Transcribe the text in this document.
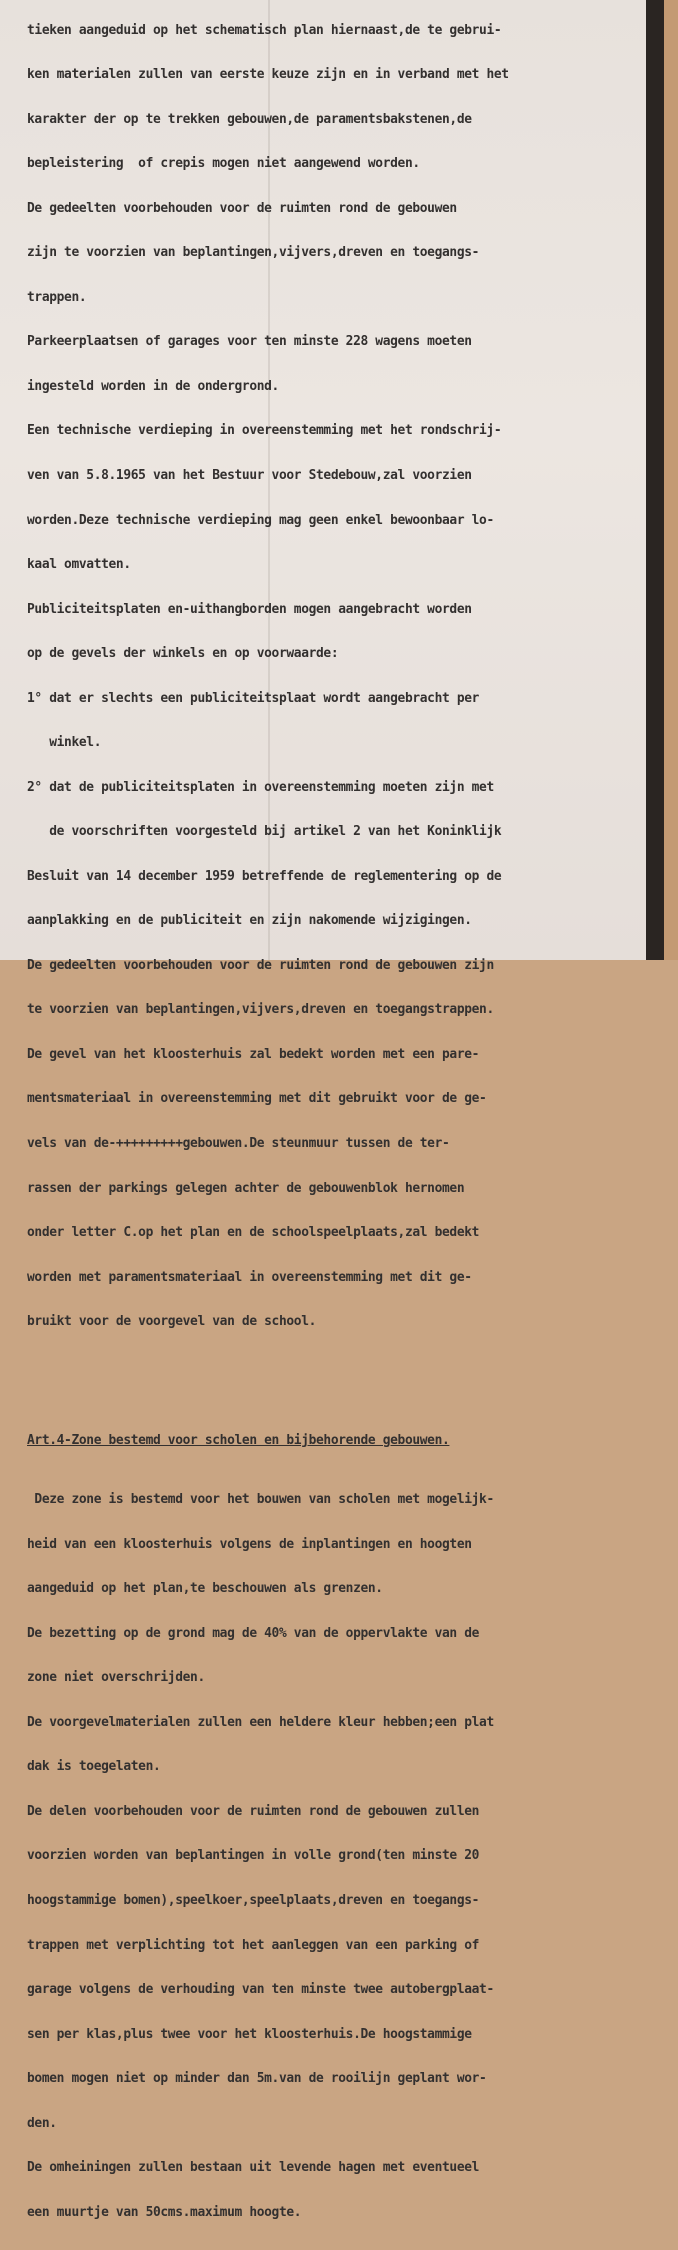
tieken aangeduid op het schematisch plan hiernaast,de te gebrui-

ken materialen zullen van eerste keuze zijn en in verband met het

karakter der op te trekken gebouwen,de paramentsbakstenen,de

bepleistering  of crepis mogen niet aangewend worden.

De gedeelten voorbehouden voor de ruimten rond de gebouwen

zijn te voorzien van beplantingen,vijvers,dreven en toegangs-

trappen.

Parkeerplaatsen of garages voor ten minste 228 wagens moeten

ingesteld worden in de ondergrond.

Een technische verdieping in overeenstemming met het rondschrij-

ven van 5.8.1965 van het Bestuur voor Stedebouw,zal voorzien

worden.Deze technische verdieping mag geen enkel bewoonbaar lo-

kaal omvatten.

Publiciteitsplaten en-uithangborden mogen aangebracht worden

op de gevels der winkels en op voorwaarde:

1° dat er slechts een publiciteitsplaat wordt aangebracht per

winkel.

2° dat de publiciteitsplaten in overeenstemming moeten zijn met

de voorschriften voorgesteld bij artikel 2 van het Koninklijk

Besluit van 14 december 1959 betreffende de reglementering op de

aanplakking en de publiciteit en zijn nakomende wijzigingen.

De gedeelten voorbehouden voor de ruimten rond de gebouwen zijn

te voorzien van beplantingen,vijvers,dreven en toegangstrappen.

De gevel van het kloosterhuis zal bedekt worden met een pare-

mentsmateriaal in overeenstemming met dit gebruikt voor de ge-

vels van de-+++++++++gebouwen.De steunmuur tussen de ter-

rassen der parkings gelegen achter de gebouwenblok hernomen

onder letter C.op het plan en de schoolspeelplaats,zal bedekt

worden met paramentsmateriaal in overeenstemming met dit ge-

bruikt voor de voorgevel van de school.

Art.4-Zone bestemd voor scholen en bijbehorende gebouwen.

Deze zone is bestemd voor het bouwen van scholen met mogelijk-

heid van een kloosterhuis volgens de inplantingen en hoogten

aangeduid op het plan,te beschouwen als grenzen.

De bezetting op de grond mag de 40% van de oppervlakte van de

zone niet overschrijden.

De voorgevelmaterialen zullen een heldere kleur hebben;een plat

dak is toegelaten.

De delen voorbehouden voor de ruimten rond de gebouwen zullen

voorzien worden van beplantingen in volle grond(ten minste 20

hoogstammige bomen),speelkoer,speelplaats,dreven en toegangs-

trappen met verplichting tot het aanleggen van een parking of

garage volgens de verhouding van ten minste twee autobergplaat-

sen per klas,plus twee voor het kloosterhuis.De hoogstammige

bomen mogen niet op minder dan 5m.van de rooilijn geplant wor-

den.

De omheiningen zullen bestaan uit levende hagen met eventueel

een muurtje van 50cms.maximum hoogte.
